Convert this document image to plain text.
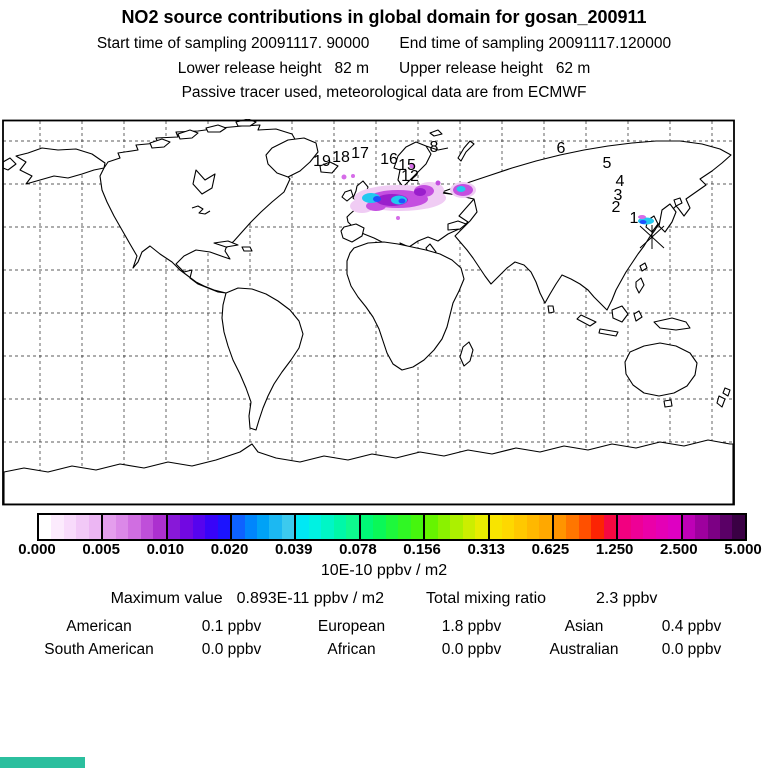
NO2 source contributions in global domain for gosan_200911
Start time of sampling 20091117. 90000 End time of sampling 20091117.120000
Lower release height   82 m Upper release height   62 m
Passive tracer used, meteorological data are from ECMWF
19 18 17 16 15
12
8	6
5
4
3
2
1
0.000 0.005 0.010 0.020 0.039 0.078 0.156 0.313 0.625 1.250 2.500 5.000
10E-10 ppbv / m2
Maximum value 0.893E-11 ppbv / m2	Total mixing ratio	2.3 ppbv
American	0.1 ppbv	European	1.8 ppbv	Asian	0.4 ppbv
South American	0.0 ppbv	African	0.0 ppbv	Australian	0.0 ppbv
